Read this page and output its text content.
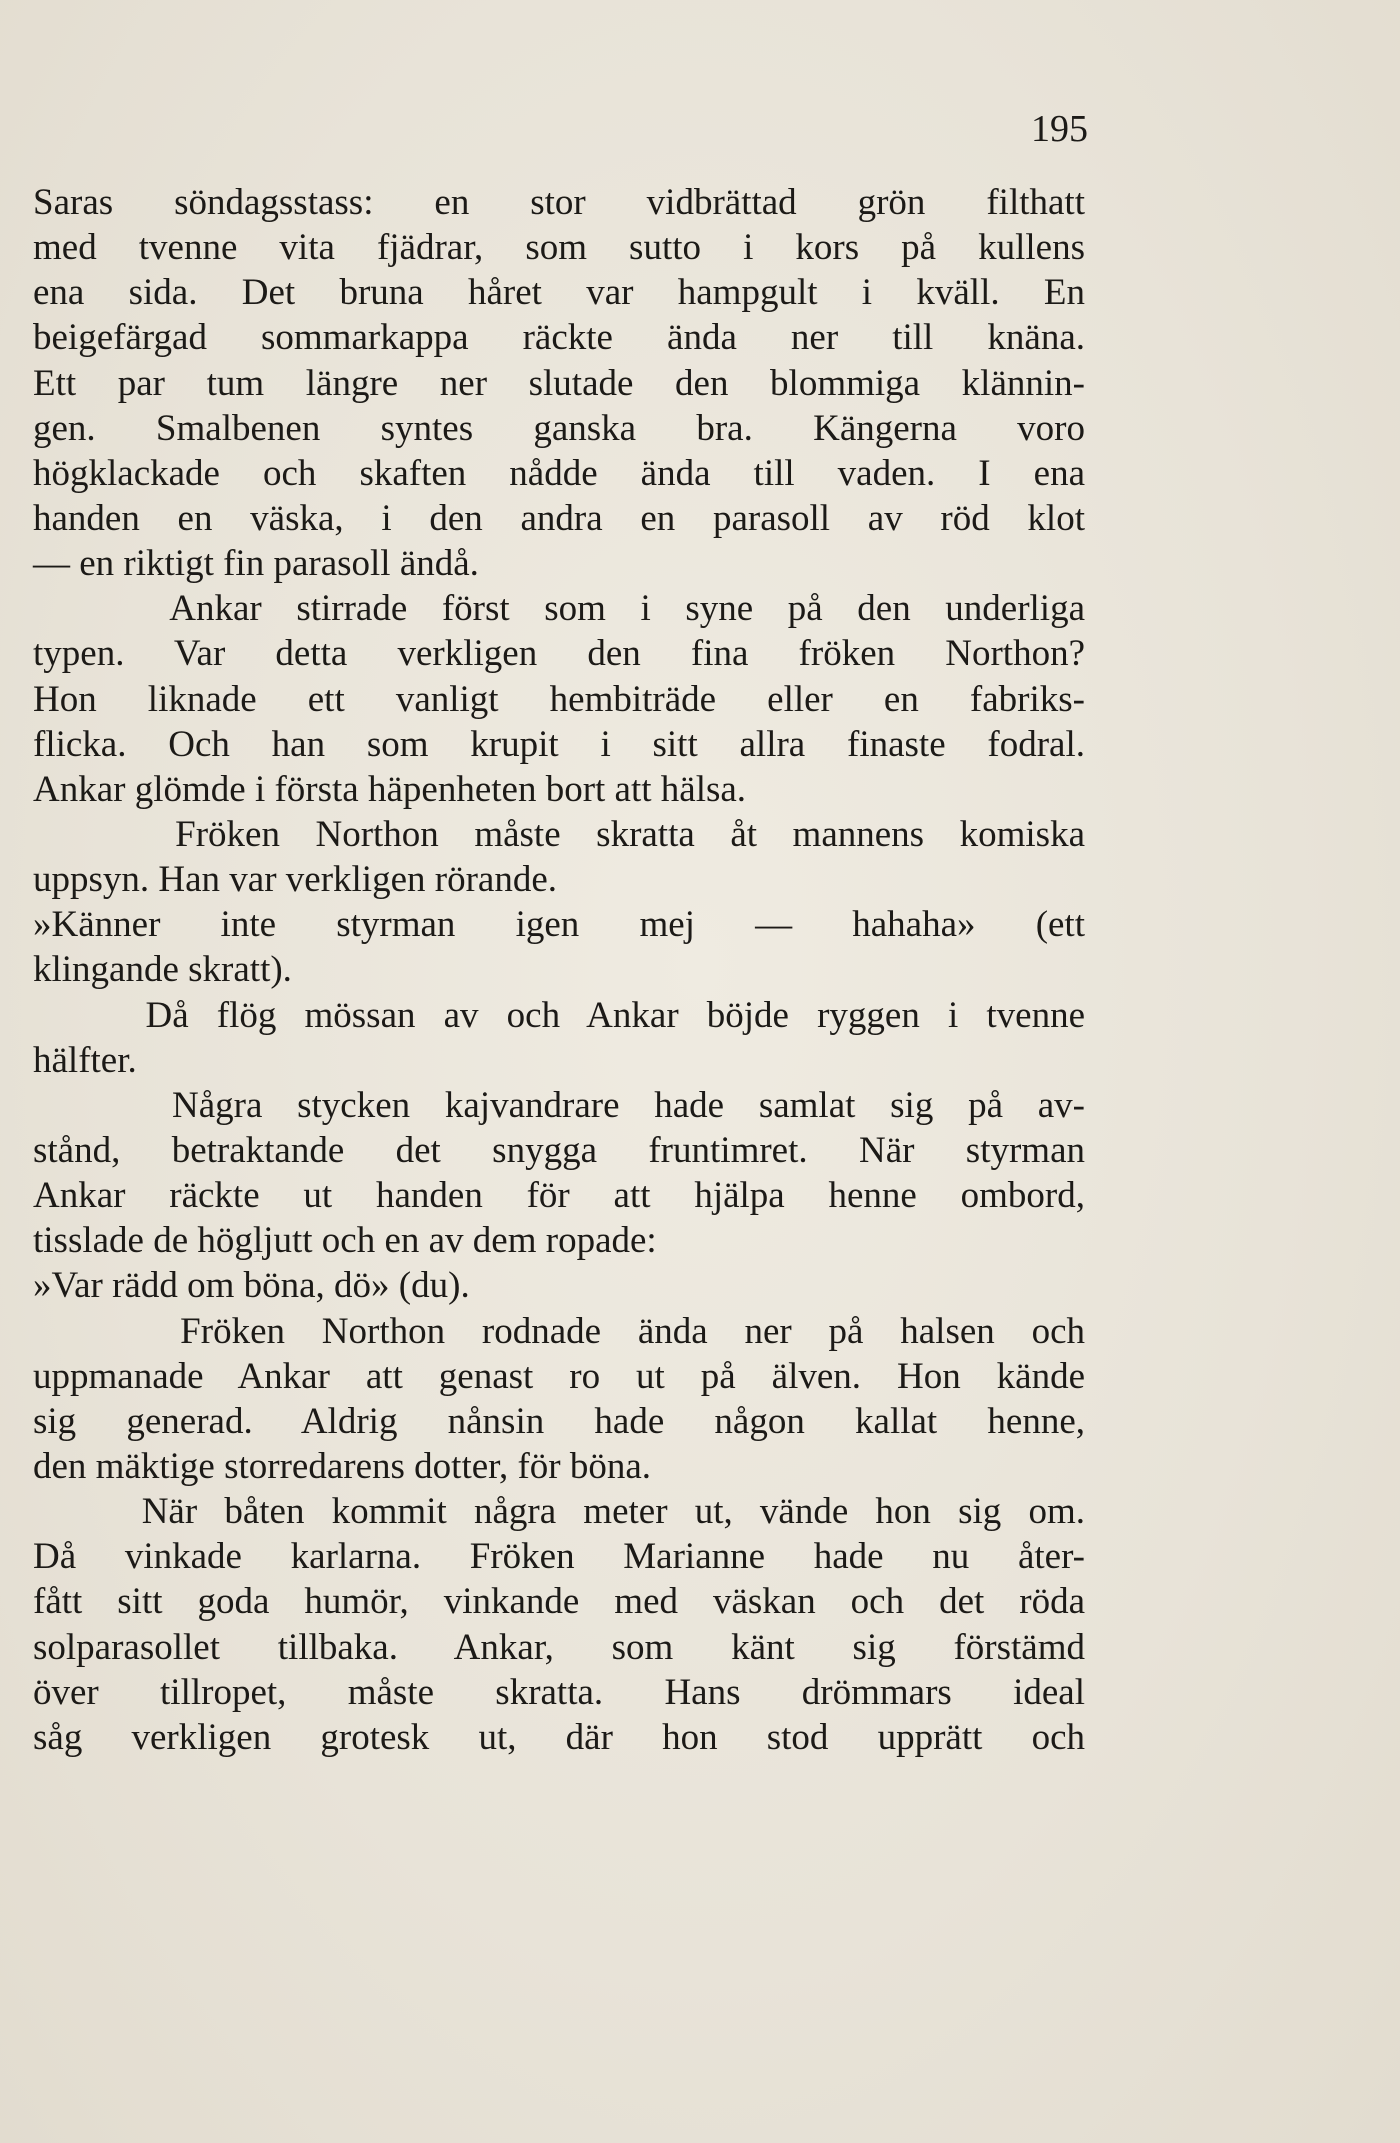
195
Saras söndagsstass: en stor vidbrättad grön filthatt
med tvenne vita fjädrar, som sutto i kors på kullens
ena sida. Det bruna håret var hampgult i kväll. En
beigefärgad sommarkappa räckte ända ner till knäna.
Ett par tum längre ner slutade den blommiga klännin-
gen. Smalbenen syntes ganska bra. Kängerna voro
högklackade och skaften nådde ända till vaden. I ena
handen en väska, i den andra en parasoll av röd klot
— en riktigt fin parasoll ändå.
Ankar stirrade först som i syne på den underliga
typen. Var detta verkligen den fina fröken Northon?
Hon liknade ett vanligt hembiträde eller en fabriks-
flicka. Och han som krupit i sitt allra finaste fodral.
Ankar glömde i första häpenheten bort att hälsa.
Fröken Northon måste skratta åt mannens komiska
uppsyn. Han var verkligen rörande.
»Känner inte styrman igen mej — hahaha» (ett
klingande skratt).
Då flög mössan av och Ankar böjde ryggen i tvenne
hälfter.
Några stycken kajvandrare hade samlat sig på av-
stånd, betraktande det snygga fruntimret. När styrman
Ankar räckte ut handen för att hjälpa henne ombord,
tisslade de högljutt och en av dem ropade:
»Var rädd om böna, dö» (du).
Fröken Northon rodnade ända ner på halsen och
uppmanade Ankar att genast ro ut på älven. Hon kände
sig generad. Aldrig nånsin hade någon kallat henne,
den mäktige storredarens dotter, för böna.
När båten kommit några meter ut, vände hon sig om.
Då vinkade karlarna. Fröken Marianne hade nu åter-
fått sitt goda humör, vinkande med väskan och det röda
solparasollet tillbaka. Ankar, som känt sig förstämd
över tillropet, måste skratta. Hans drömmars ideal
såg verkligen grotesk ut, där hon stod upprätt och
